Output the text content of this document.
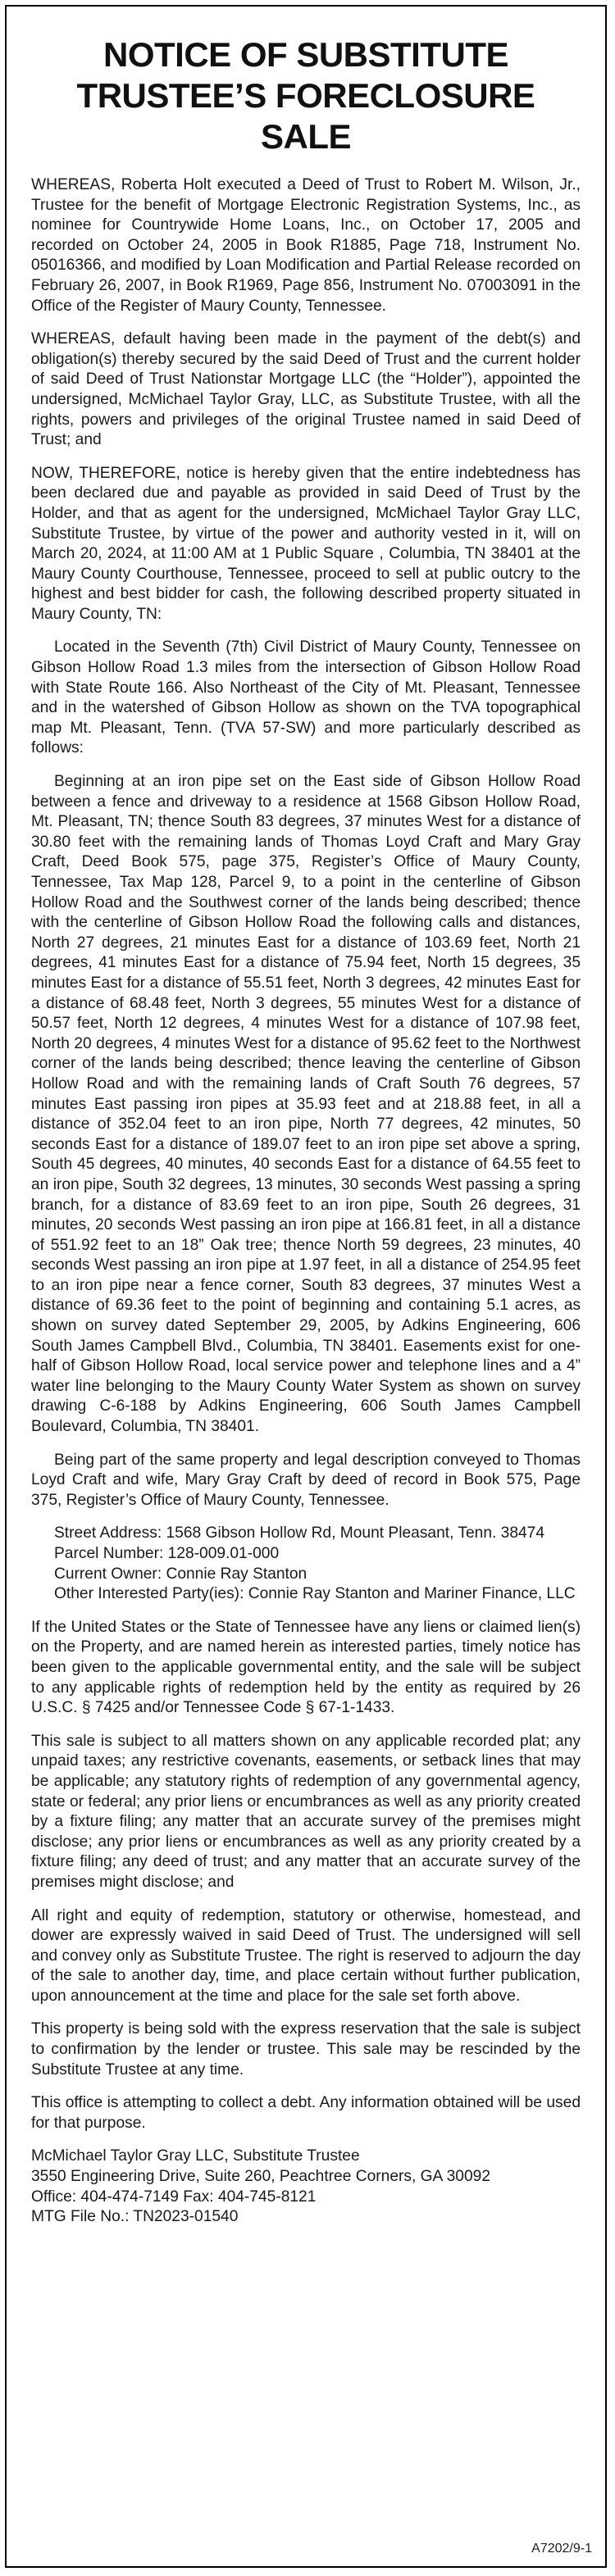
NOTICE OF SUBSTITUTE
TRUSTEE’S FORECLOSURE SALE

WHEREAS, Roberta Holt executed a Deed of Trust to Robert M. Wilson, Jr., Trustee for the benefit of Mortgage Electronic Registration Systems, Inc., as nominee for Countrywide Home Loans, Inc., on October 17, 2005 and recorded on October 24, 2005 in Book R1885, Page 718, Instrument No. 05016366, and modified by Loan Modification and Partial Release recorded on February 26, 2007, in Book R1969, Page 856, Instrument No. 07003091 in the Office of the Register of Maury County, Tennessee.

WHEREAS, default having been made in the payment of the debt(s) and obligation(s) thereby secured by the said Deed of Trust and the current holder of said Deed of Trust Nationstar Mortgage LLC (the “Holder”), appointed the undersigned, McMichael Taylor Gray, LLC, as Substitute Trustee, with all the rights, powers and privileges of the original Trustee named in said Deed of Trust; and

NOW, THEREFORE, notice is hereby given that the entire indebtedness has been declared due and payable as provided in said Deed of Trust by the Holder, and that as agent for the undersigned, McMichael Taylor Gray LLC, Substitute Trustee, by virtue of the power and authority vested in it, will on March 20, 2024, at 11:00 AM at 1 Public Square , Columbia, TN 38401 at the Maury County Courthouse, Tennessee, proceed to sell at public outcry to the highest and best bidder for cash, the following described property situated in Maury County, TN:

Located in the Seventh (7th) Civil District of Maury County, Tennessee on Gibson Hollow Road 1.3 miles from the intersection of Gibson Hollow Road with State Route 166. Also Northeast of the City of Mt. Pleasant, Tennessee and in the watershed of Gibson Hollow as shown on the TVA topographical map Mt. Pleasant, Tenn. (TVA 57-SW) and more particularly described as follows:

Beginning at an iron pipe set on the East side of Gibson Hollow Road between a fence and driveway to a residence at 1568 Gibson Hollow Road, Mt. Pleasant, TN; thence South 83 degrees, 37 minutes West for a distance of 30.80 feet with the remaining lands of Thomas Loyd Craft and Mary Gray Craft, Deed Book 575, page 375, Register’s Office of Maury County, Tennessee, Tax Map 128, Parcel 9, to a point in the centerline of Gibson Hollow Road and the Southwest corner of the lands being described; thence with the centerline of Gibson Hollow Road the following calls and distances, North 27 degrees, 21 minutes East for a distance of 103.69 feet, North 21 degrees, 41 minutes East for a distance of 75.94 feet, North 15 degrees, 35 minutes East for a distance of 55.51 feet, North 3 degrees, 42 minutes East for a distance of 68.48 feet, North 3 degrees, 55 minutes West for a distance of 50.57 feet, North 12 degrees, 4 minutes West for a distance of 107.98 feet, North 20 degrees, 4 minutes West for a distance of 95.62 feet to the Northwest corner of the lands being described; thence leaving the centerline of Gibson Hollow Road and with the remaining lands of Craft South 76 degrees, 57 minutes East passing iron pipes at 35.93 feet and at 218.88 feet, in all a distance of 352.04 feet to an iron pipe, North 77 degrees, 42 minutes, 50 seconds East for a distance of 189.07 feet to an iron pipe set above a spring, South 45 degrees, 40 minutes, 40 seconds East for a distance of 64.55 feet to an iron pipe, South 32 degrees, 13 minutes, 30 seconds West passing a spring branch, for a distance of 83.69 feet to an iron pipe, South 26 degrees, 31 minutes, 20 seconds West passing an iron pipe at 166.81 feet, in all a distance of 551.92 feet to an 18” Oak tree; thence North 59 degrees, 23 minutes, 40 seconds West passing an iron pipe at 1.97 feet, in all a distance of 254.95 feet to an iron pipe near a fence corner, South 83 degrees, 37 minutes West a distance of 69.36 feet to the point of beginning and containing 5.1 acres, as shown on survey dated September 29, 2005, by Adkins Engineering, 606 South James Campbell Blvd., Columbia, TN 38401. Easements exist for one-half of Gibson Hollow Road, local service power and telephone lines and a 4” water line belonging to the Maury County Water System as shown on survey drawing C-6-188 by Adkins Engineering, 606 South James Campbell Boulevard, Columbia, TN 38401.

Being part of the same property and legal description conveyed to Thomas Loyd Craft and wife, Mary Gray Craft by deed of record in Book 575, Page 375, Register’s Office of Maury County, Tennessee.

Street Address: 1568 Gibson Hollow Rd, Mount Pleasant, Tenn. 38474
Parcel Number: 128-009.01-000
Current Owner: Connie Ray Stanton
Other Interested Party(ies): Connie Ray Stanton and Mariner Finance, LLC

If the United States or the State of Tennessee have any liens or claimed lien(s) on the Property, and are named herein as interested parties, timely notice has been given to the applicable governmental entity, and the sale will be subject to any applicable rights of redemption held by the entity as required by 26 U.S.C. § 7425 and/or Tennessee Code § 67-1-1433.

This sale is subject to all matters shown on any applicable recorded plat; any unpaid taxes; any restrictive covenants, easements, or setback lines that may be applicable; any statutory rights of redemption of any governmental agency, state or federal; any prior liens or encumbrances as well as any priority created by a fixture filing; any matter that an accurate survey of the premises might disclose; any prior liens or encumbrances as well as any priority created by a fixture filing; any deed of trust; and any matter that an accurate survey of the premises might disclose; and

All right and equity of redemption, statutory or otherwise, homestead, and dower are expressly waived in said Deed of Trust. The undersigned will sell and convey only as Substitute Trustee. The right is reserved to adjourn the day of the sale to another day, time, and place certain without further publication, upon announcement at the time and place for the sale set forth above.

This property is being sold with the express reservation that the sale is subject to confirmation by the lender or trustee. This sale may be rescinded by the Substitute Trustee at any time.

This office is attempting to collect a debt. Any information obtained will be used for that purpose.

McMichael Taylor Gray LLC, Substitute Trustee
3550 Engineering Drive, Suite 260, Peachtree Corners, GA 30092
Office: 404-474-7149 Fax: 404-745-8121
MTG File No.: TN2023-01540
A7202/9-1
